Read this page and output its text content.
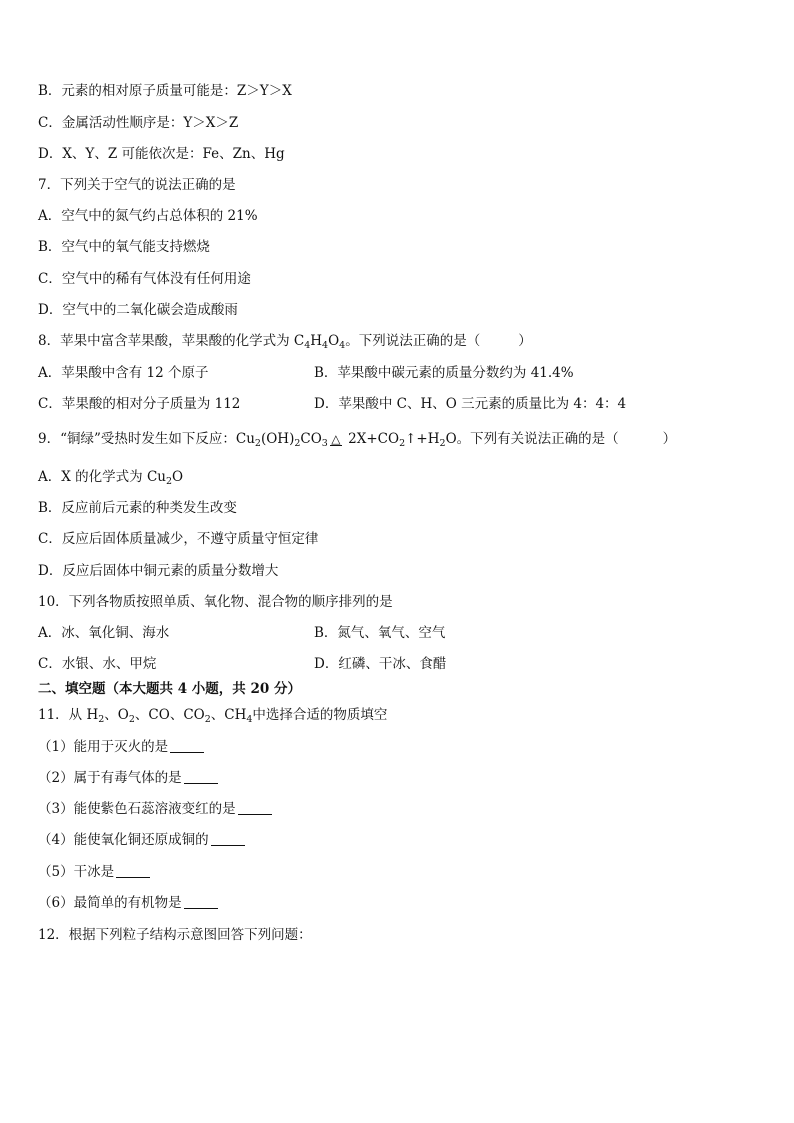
B．元素的相对原子质量可能是：Z＞Y＞X
C．金属活动性顺序是：Y＞X＞Z
D．X、Y、Z 可能依次是：Fe、Zn、Hg
7．下列关于空气的说法正确的是
A．空气中的氮气约占总体积的 21%
B．空气中的氧气能支持燃烧
C．空气中的稀有气体没有任何用途
D．空气中的二氧化碳会造成酸雨
8．苹果中富含苹果酸，苹果酸的化学式为 $C_4H_4O_4$。下列说法正确的是（	）
A．苹果酸中含有 12 个原子	B．苹果酸中碳元素的质量分数约为 41.4%
C．苹果酸的相对分子质量为 112	D．苹果酸中 C、H、O 三元素的质量比为 4：4：4
9．“铜绿”受热时发生如下反应：$Cu_2(OH)_2CO_3$ △ $2X+CO_2↑+H_2O$。下列有关说法正确的是（	）
A．X 的化学式为 $Cu_2O$
B．反应前后元素的种类发生改变
C．反应后固体质量减少，不遵守质量守恒定律
D．反应后固体中铜元素的质量分数增大
10．下列各物质按照单质、氧化物、混合物的顺序排列的是
A．冰、氧化铜、海水	B．氮气、氧气、空气
C．水银、水、甲烷	D．红磷、干冰、食醋
二、填空题（本大题共 4 小题，共 20 分）
11．从 $H_2$、$O_2$、CO、$CO_2$、$CH_4$中选择合适的物质填空
（1）能用于灭火的是
（2）属于有毒气体的是
（3）能使紫色石蕊溶液变红的是
（4）能使氧化铜还原成铜的
（5）干冰是
（6）最简单的有机物是
12．根据下列粒子结构示意图回答下列问题：
